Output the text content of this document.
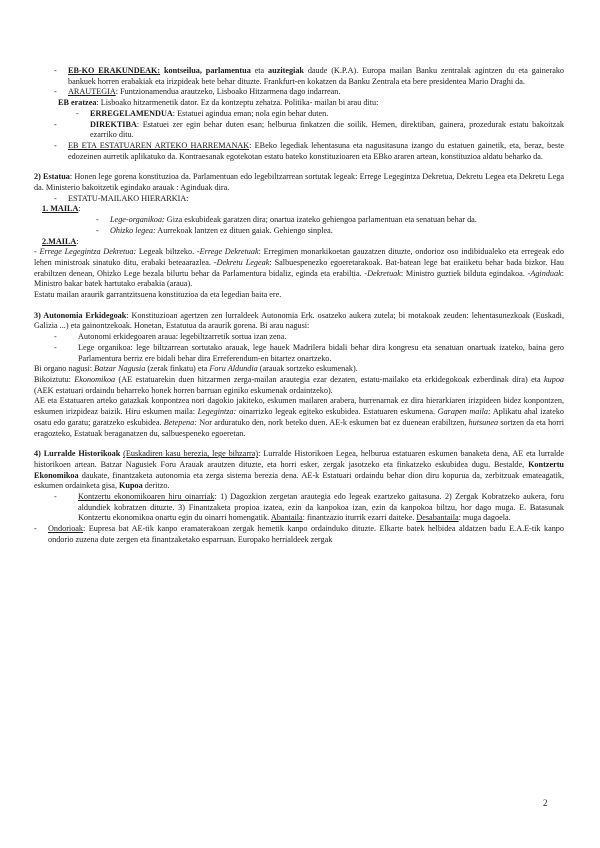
- EB-KO ERAKUNDEAK: kontseilua, parlamentua eta auzitegiak daude (K.P.A). Europa mailan Banku zentralak agintzen du eta gainerako bankuek horren erabakiak eta irizpideak bete behar dituzte. Frankfurt-en kokatzen da Banku Zentrala eta bere presidentea Mario Draghi da.

- ARAUTEGIA: Funtzionamendua arautzeko, Lisboako Hitzarmena dago indarrean.

EB eratzea: Lisboako hitzarmenetik dator. Ez da kontzeptu zehatza. Politika- mailan bi arau ditu:

- ERREGELAMENDUA: Estatuei agindua eman; nola egin behar duten.

- DIREKTIBA: Estatuei zer egin behar duten esan; helburua finkatzen die soilik. Hemen, direktiban, gainera, prozedurak estatu bakoitzak ezarriko ditu.

- EB ETA ESTATUAREN ARTEKO HARREMANAK: EBeko legediak lehentasuna eta nagusitasuna izango du estatuen gainetik, eta, beraz, beste edozeinen aurretik aplikatuko da. Kontraesanak egotekotan estatu bateko konstituzioaren eta EBko araren artean, konstituzioa aldatu beharko da.

2) Estatua: Honen lege gorena konstituzioa da. Parlamentuan edo legebiltzarrean sortutak legeak: Errege Legegintza Dekretua, Dekretu Legea eta Dekretu Lega da. Ministerio bakoitzetik egindako arauak : Aginduak dira.

- ESTATU-MAILAKO HIERARKIA:

1. MAILA:

- Lege-organikoa: Giza eskubideak garatzen dira; onartua izateko gehiengoa parlamentuan eta senatuan behar da.

- Ohizko legea: Aurrekoak lantzen ez dituen gaiak. Gehiengo sinplea.

2.MAILA:

- Errege Legegintza Dekretua: Legeak biltzeko. -Errege Dekretuak: Erregimen monarkikoetan gauzatzen dituzte, ondorioz oso indibidualeko eta erregeak edo lehen ministroak sinatuko ditu, erabaki beteaarazlea. -Dekretu Legeak: Salbuespenezko egoeretarakoak. Bat-batean lege bat eraiiketu behar bada bizkor. Hau erabiltzen denean, Ohizko Lege bezala bilurtu behar da Parlamentura bidaliz, eginda eta erabiltia. -Dekretuak: Ministro guztiek bilduta egindakoa. -Aginduak: Ministro bakar batek hartutako erabakia (araua).

Estatu mailan araurik garrantzitsuena konstituzioa da eta legedian baita ere.

3) Autonomia Erkidegoak: Konstituzioan agertzen zen lurraldeek Autonomia Erk. osatzeko aukera zutela; bi motakoak zeuden: lehentasunezkoak (Euskadi, Galizia ...) eta gainontzekoak. Honetan, Estatutua da araurik gorena. Bi arau nagusi:

- Autonomi erkidegoaren araua: legebiltzarretik sortua izan zena.

- Lege organikoa: lege biltzarrean sortutako arauak, lege hauek Madrilera bidali behar dira kongresu eta senatuan onartuak izateko, baina gero Parlamentura berriz ere bidali behar dira Erreferendum-en bitartez onartzeko.

Bi organo nagusi: Batzar Nagusia (zerak finkatu) eta Foru Aldundia (arauak sortzeko eskumenak).

Bikoiztutu: Ekonomikoa (AE estatuarekin duen hitzarmen zerga-mailan arautegia ezar dezaten, estatu-mailako eta erkidegokoak ezberdinak dira) eta kupoa (AEK estatuari ordaindu beharreko honek horren barruan eginiko eskumenak ordaintzeko).

AE eta Estatuaren arteko gatazkak konpontzea nori dagokio jakiteko, eskumen mailaren arabera, hurrenarnak ez dira hierarkiaren irizpideen bidez konpontzen, eskumen irizpideaz baizik. Hiru eskumen maila: Legegintza: oinarrizko legeak egiteko eskubidea. Estatuaren eskumena. Garapen maila: Aplikatu ahal izateko osatu edo garatu; garatzeko eskubidea. Betepena: Nor arduratuko den, nork beteko duen. AE-k eskumen bat ez duenean erabiltzen, hutsunea sortzen da eta horri eragozteko, Estatuak beraganatzen du, salbuespeneko egoeretan.

4) Lurralde Historikoak (Euskadiren kasu berezia, lege bihzarra): Lurralde Historikoen Legea, helburua estatuaren eskumen banaketa dena, AE eta lurralde historikoen artean. Batzar Nagusiek Foru Arauak arautzen dituzte, eta horri esker, zergak jasotzeko eta finkatzeko eskubidea dugu. Bestalde, Kontzertu Ekonomikoa daukate, finantzaketa autonomia eta zerga sistema berezia dena. AE-k Estatuari ordaindu behar dion diru kopurua da, zerbitzuak emateagatik, eskumen ordainketa gisa, Kupoa deritzo.

- Kontzertu ekonomikoaren hiru oinarriak: 1) Dagozkion zergetan arautegia edo legeak ezartzeko gaitasuna. 2) Zergak Kobratzeko aukera, foru aldundiek kobratzen dituzte. 3) Finantzaketa propioa izatea, ezin da kanpokoa izan, ezin da kanpokoa biltzu, hor dago muga. E. Batasunak Kontzertu ekonomikoa onartu egin du oinarri homengatik. Abantaila: finantzazio iturrik ezarri daiteke. Desabantaila: muga dagoela.

- Ondorioak: Eupresa bat AE-tik kanpo eramaterakoan zergak hemetik kanpo ordainduko dituzte. Elkarte batek helbidea aldatzen badu E.A.E-tik kanpo ondorio zuzena dute zergen eta finantzaketako esparruan. Europako herrialdeek zergak

2
